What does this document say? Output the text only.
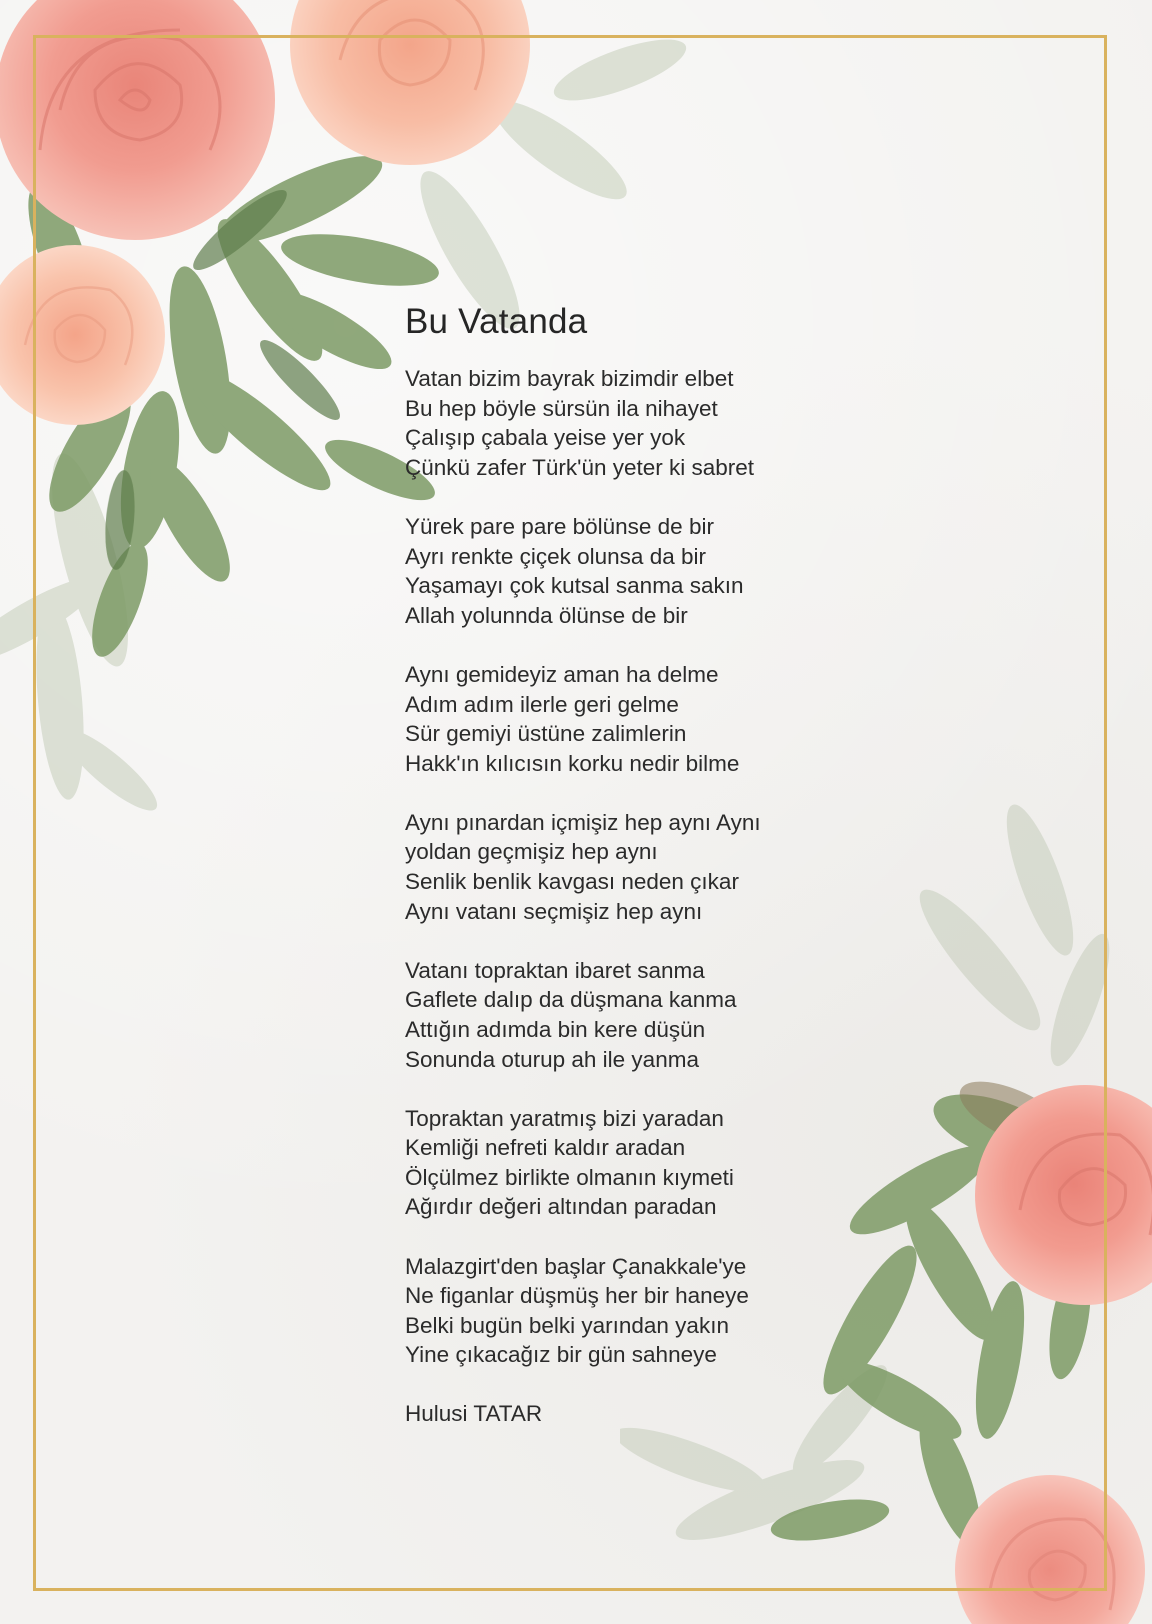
Bu Vatanda
Vatan bizim bayrak bizimdir elbet
Bu hep böyle sürsün ila nihayet
Çalışıp çabala yeise yer yok
Çünkü zafer Türk'ün yeter ki sabret
Yürek pare pare bölünse de bir
Ayrı renkte çiçek olunsa da bir
Yaşamayı çok kutsal sanma sakın
Allah yolunnda ölünse de bir
Aynı gemideyiz aman ha delme
Adım adım ilerle geri gelme
Sür gemiyi üstüne zalimlerin
Hakk'ın kılıcısın korku nedir bilme
Aynı pınardan içmişiz hep aynı Aynı
yoldan geçmişiz hep aynı
Senlik benlik kavgası neden çıkar
Aynı vatanı seçmişiz hep aynı
Vatanı topraktan ibaret sanma
Gaflete dalıp da düşmana kanma
Attığın adımda bin kere düşün
Sonunda oturup ah ile yanma
Topraktan yaratmış bizi yaradan
Kemliği nefreti kaldır aradan
Ölçülmez birlikte olmanın kıymeti
Ağırdır değeri altından paradan
Malazgirt'den başlar Çanakkale'ye
Ne figanlar düşmüş her bir haneye
Belki bugün belki yarından yakın
Yine çıkacağız bir gün sahneye
Hulusi TATAR
